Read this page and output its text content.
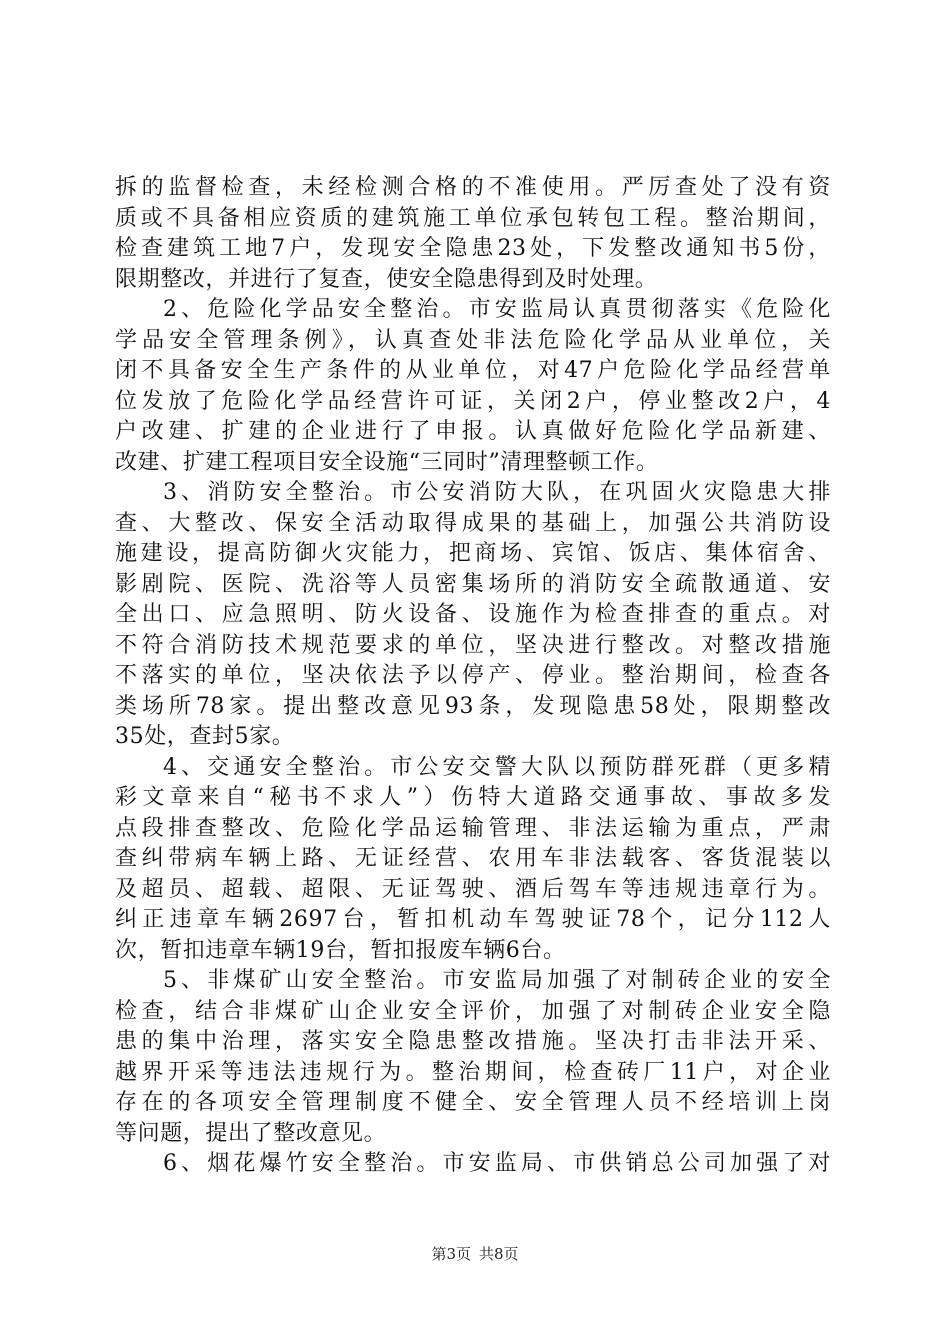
拆的监督检查，未经检测合格的不准使用。严厉查处了没有资
质或不具备相应资质的建筑施工单位承包转包工程。整治期间，
检查建筑工地7户，发现安全隐患23处，下发整改通知书5份，
限期整改，并进行了复查，使安全隐患得到及时处理。
2、危险化学品安全整治。市安监局认真贯彻落实《危险化
学品安全管理条例》，认真查处非法危险化学品从业单位，关
闭不具备安全生产条件的从业单位，对47户危险化学品经营单
位发放了危险化学品经营许可证，关闭2户，停业整改2户，4
户改建、扩建的企业进行了申报。认真做好危险化学品新建、
改建、扩建工程项目安全设施“三同时”清理整顿工作。
3、消防安全整治。市公安消防大队，在巩固火灾隐患大排
查、大整改、保安全活动取得成果的基础上，加强公共消防设
施建设，提高防御火灾能力，把商场、宾馆、饭店、集体宿舍、
影剧院、医院、洗浴等人员密集场所的消防安全疏散通道、安
全出口、应急照明、防火设备、设施作为检查排查的重点。对
不符合消防技术规范要求的单位，坚决进行整改。对整改措施
不落实的单位，坚决依法予以停产、停业。整治期间，检查各
类场所78家。提出整改意见93条，发现隐患58处，限期整改
35处，查封5家。
4、交通安全整治。市公安交警大队以预防群死群（更多精
彩文章来自“秘书不求人”）伤特大道路交通事故、事故多发
点段排查整改、危险化学品运输管理、非法运输为重点，严肃
查纠带病车辆上路、无证经营、农用车非法载客、客货混装以
及超员、超载、超限、无证驾驶、酒后驾车等违规违章行为。
纠正违章车辆2697台，暂扣机动车驾驶证78个，记分112人
次，暂扣违章车辆19台，暂扣报废车辆6台。
5、非煤矿山安全整治。市安监局加强了对制砖企业的安全
检查，结合非煤矿山企业安全评价，加强了对制砖企业安全隐
患的集中治理，落实安全隐患整改措施。坚决打击非法开采、
越界开采等违法违规行为。整治期间，检查砖厂11户，对企业
存在的各项安全管理制度不健全、安全管理人员不经培训上岗
等问题，提出了整改意见。
6、烟花爆竹安全整治。市安监局、市供销总公司加强了对
第3页 共8页
